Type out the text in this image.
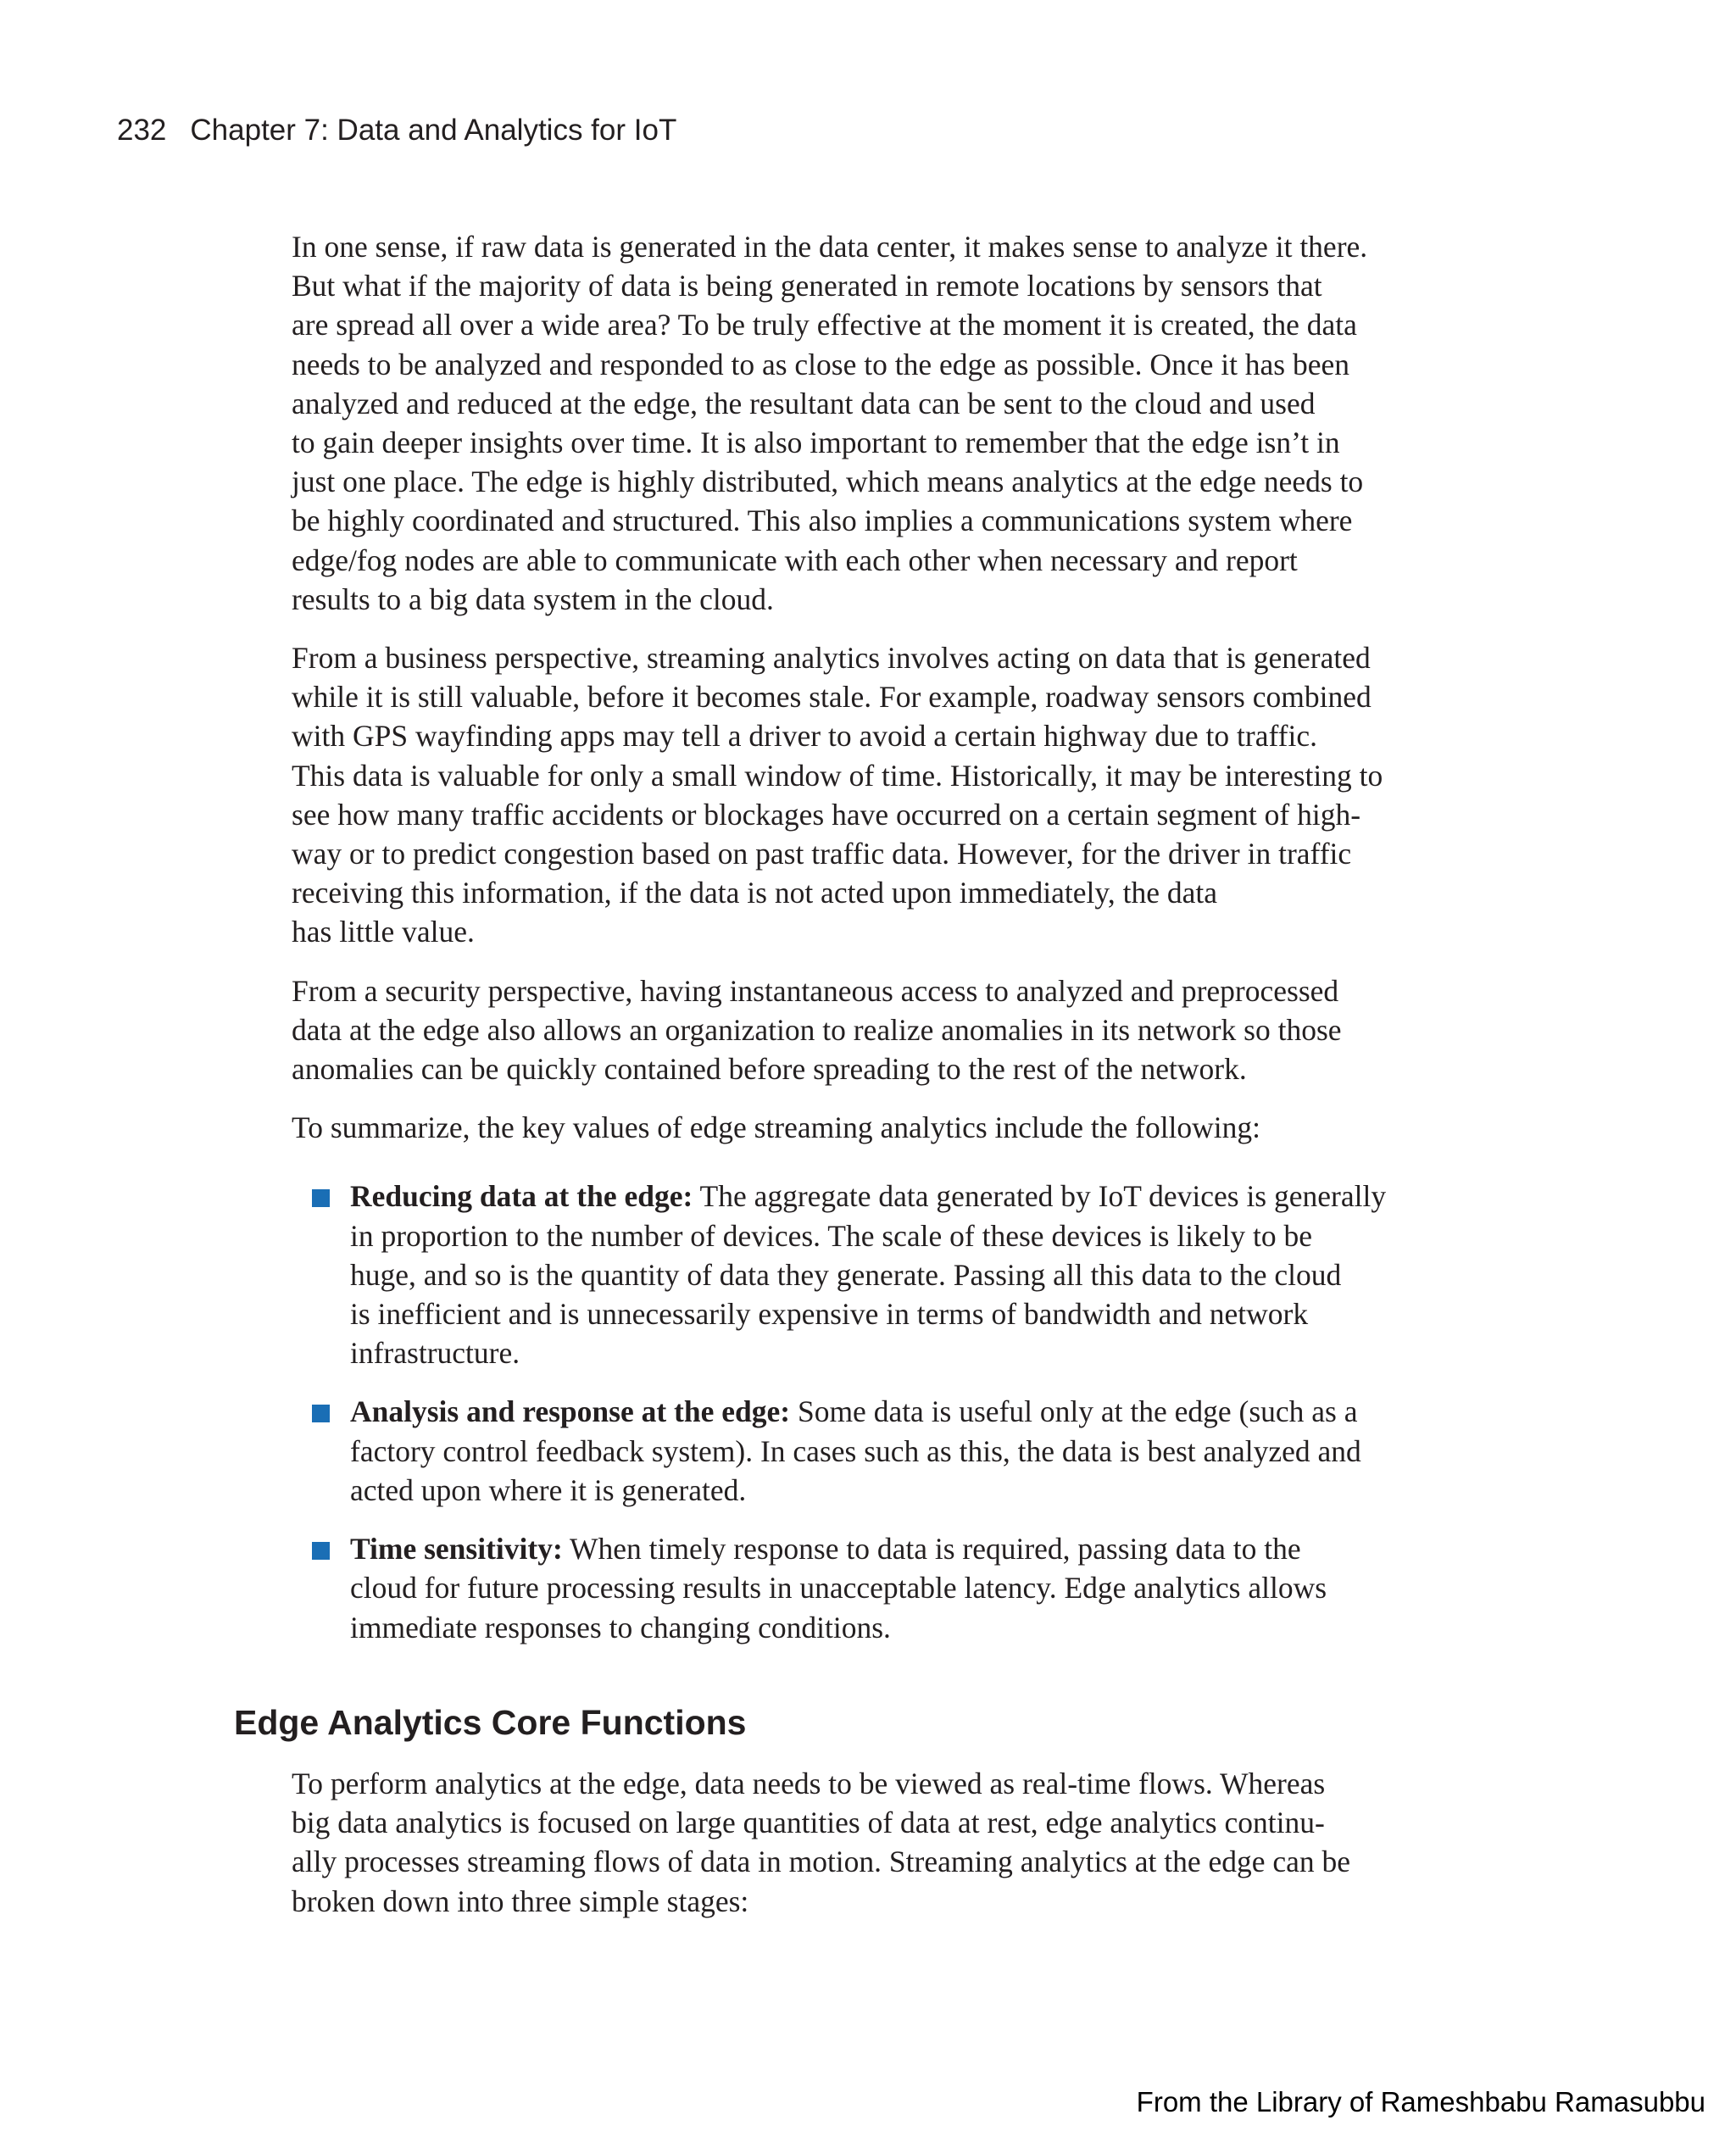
232 Chapter 7: Data and Analytics for IoT

In one sense, if raw data is generated in the data center, it makes sense to analyze it there.
But what if the majority of data is being generated in remote locations by sensors that
are spread all over a wide area? To be truly effective at the moment it is created, the data
needs to be analyzed and responded to as close to the edge as possible. Once it has been
analyzed and reduced at the edge, the resultant data can be sent to the cloud and used
to gain deeper insights over time. It is also important to remember that the edge isn’t in
just one place. The edge is highly distributed, which means analytics at the edge needs to
be highly coordinated and structured. This also implies a communications system where
edge/fog nodes are able to communicate with each other when necessary and report
results to a big data system in the cloud.

From a business perspective, streaming analytics involves acting on data that is generated
while it is still valuable, before it becomes stale. For example, roadway sensors combined
with GPS wayfinding apps may tell a driver to avoid a certain highway due to traffic.
This data is valuable for only a small window of time. Historically, it may be interesting to
see how many traffic accidents or blockages have occurred on a certain segment of high-
way or to predict congestion based on past traffic data. However, for the driver in traffic
receiving this information, if the data is not acted upon immediately, the data
has little value.

From a security perspective, having instantaneous access to analyzed and preprocessed
data at the edge also allows an organization to realize anomalies in its network so those
anomalies can be quickly contained before spreading to the rest of the network.

To summarize, the key values of edge streaming analytics include the following:

Reducing data at the edge: The aggregate data generated by IoT devices is generally
in proportion to the number of devices. The scale of these devices is likely to be
huge, and so is the quantity of data they generate. Passing all this data to the cloud
is inefficient and is unnecessarily expensive in terms of bandwidth and network
infrastructure.
Analysis and response at the edge: Some data is useful only at the edge (such as a
factory control feedback system). In cases such as this, the data is best analyzed and
acted upon where it is generated.
Time sensitivity: When timely response to data is required, passing data to the
cloud for future processing results in unacceptable latency. Edge analytics allows
immediate responses to changing conditions.
Edge Analytics Core Functions

To perform analytics at the edge, data needs to be viewed as real-time flows. Whereas
big data analytics is focused on large quantities of data at rest, edge analytics continu-
ally processes streaming flows of data in motion. Streaming analytics at the edge can be
broken down into three simple stages:

From the Library of Rameshbabu Ramasubbu
